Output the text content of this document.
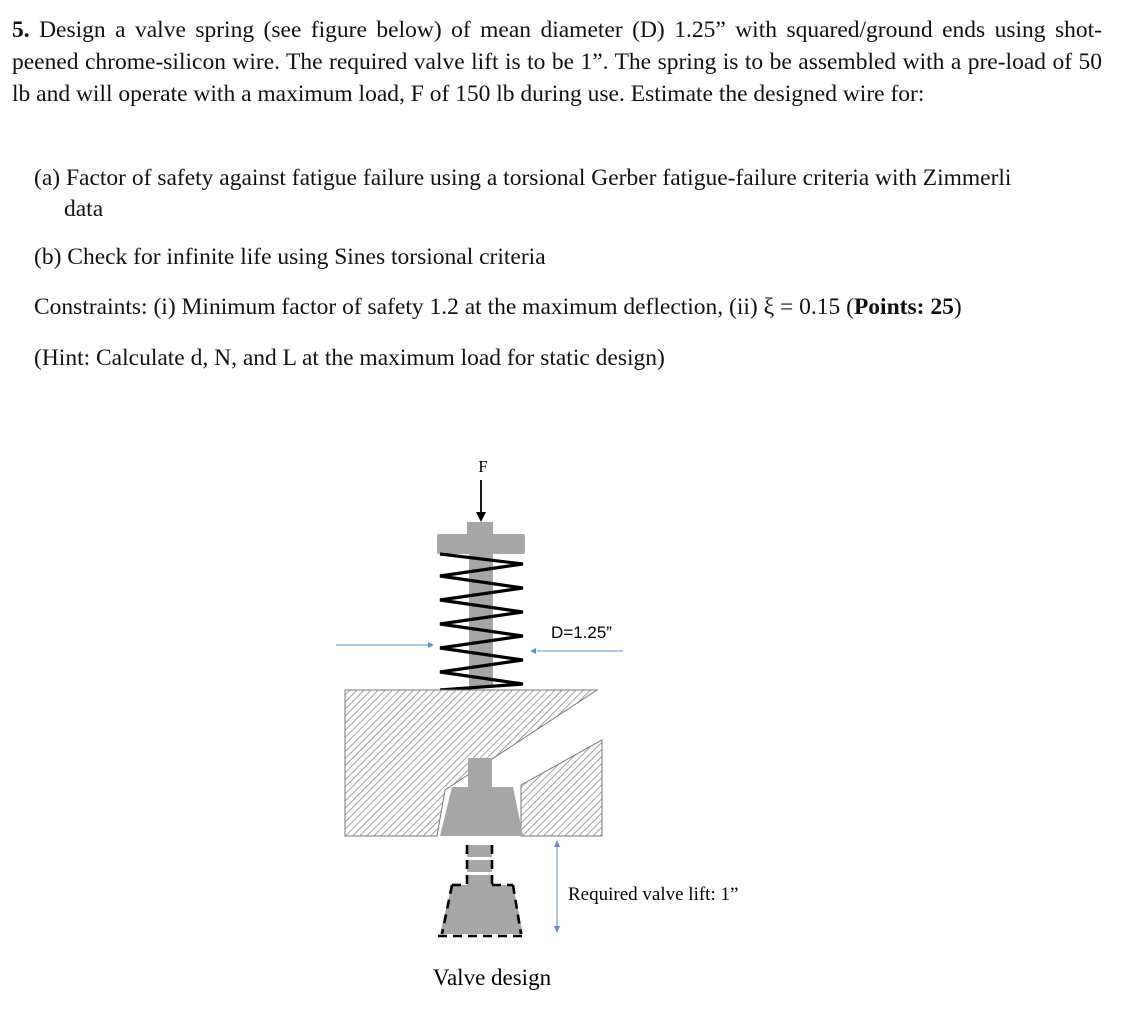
5. Design a valve spring (see figure below) of mean diameter (D) 1.25” with squared/ground ends using shot-peened chrome-silicon wire. The required valve lift is to be 1”. The spring is to be assembled with a pre-load of 50 lb and will operate with a maximum load, F of 150 lb during use. Estimate the designed wire for:
(a) Factor of safety against fatigue failure using a torsional Gerber fatigue-failure criteria with Zimmerli
data
(b) Check for infinite life using Sines torsional criteria
Constraints: (i) Minimum factor of safety 1.2 at the maximum deflection, (ii) ξ = 0.15 (Points: 25)
(Hint: Calculate d, N, and L at the maximum load for static design)
F
D=1.25”
Required valve lift: 1”
Valve design
